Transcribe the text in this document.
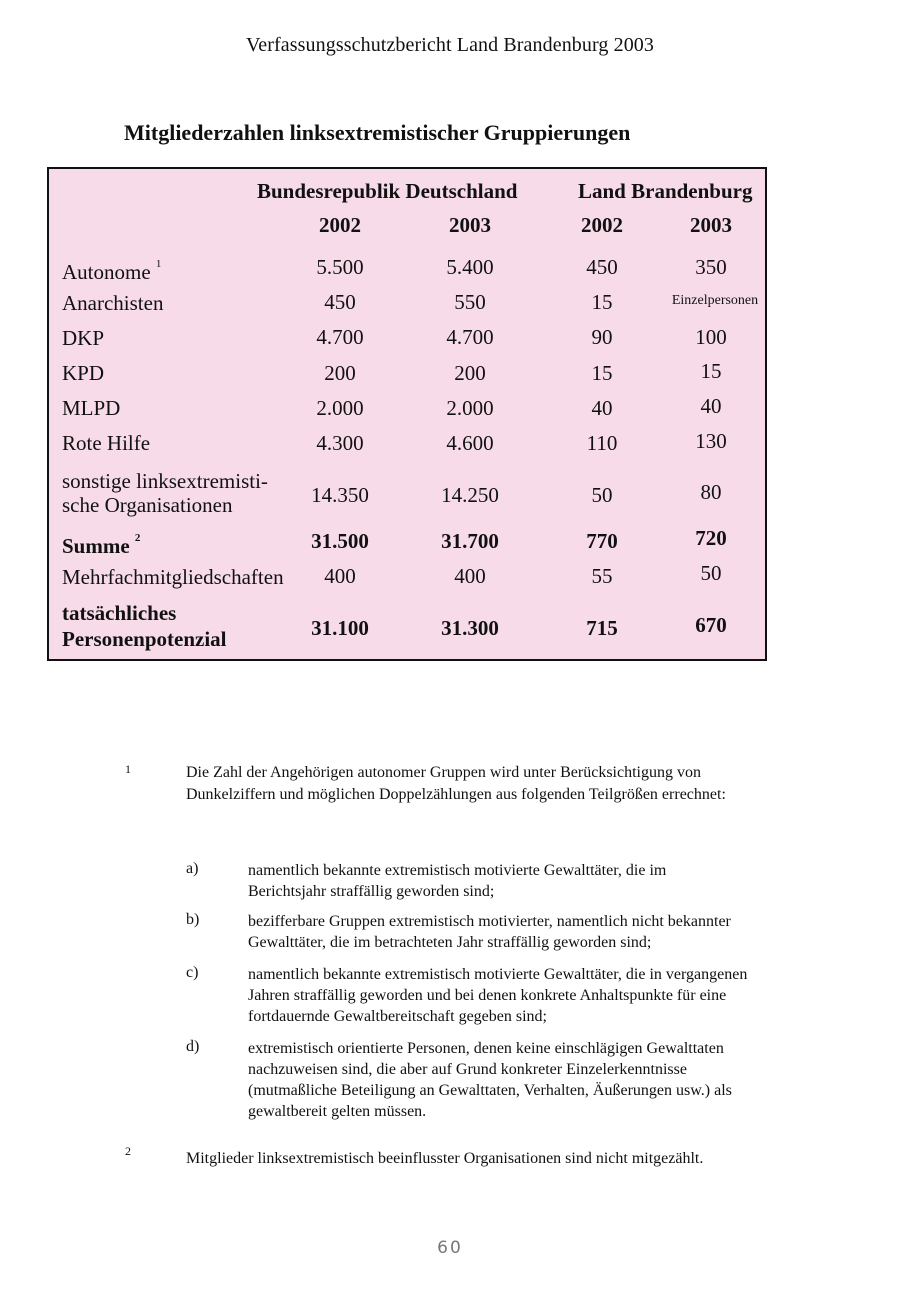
Verfassungsschutzbericht Land Brandenburg 2003
Mitgliederzahlen linksextremistischer Gruppierungen
Bundesrepublik Deutschland	Land Brandenburg
2002	2003	2002	2003
Autonome $^1$	5.500	5.400	450	350
Anarchisten	450	550	15	Einzelpersonen
DKP	4.700	4.700	90	100
KPD	200	200	15	15
MLPD	2.000	2.000	40	40
Rote Hilfe	4.300	4.600	110	130
sonstige linksextremisti-
sche Organisationen	14.350	14.250	50	80
Summe $^2$	31.500	31.700	770	720
Mehrfachmitgliedschaften 400	400	55	50
tatsächliches
Personenpotenzial	31.100	31.300	715	670
1	Die Zahl der Angehörigen autonomer Gruppen wird unter Berücksichtigung von Dunkelziffern und möglichen Doppelzählungen aus folgenden Teilgrößen errechnet:
a)	namentlich bekannte extremistisch motivierte Gewalttäter, die im Berichtsjahr straffällig geworden sind;
b)	bezifferbare Gruppen extremistisch motivierter, namentlich nicht bekannter Gewalttäter, die im betrachteten Jahr straffällig geworden sind;
c)	namentlich bekannte extremistisch motivierte Gewalttäter, die in vergangenen Jahren straffällig geworden und bei denen konkrete Anhaltspunkte für eine fortdauernde Gewaltbereitschaft gegeben sind;
d)	extremistisch orientierte Personen, denen keine einschlägigen Gewalttaten nachzuweisen sind, die aber auf Grund konkreter Einzelerkenntnisse (mutmaßliche Beteiligung an Gewalttaten, Verhalten, Äußerungen usw.) als gewaltbereit gelten müssen.
2	Mitglieder linksextremistisch beeinflusster Organisationen sind nicht mitgezählt.
60
